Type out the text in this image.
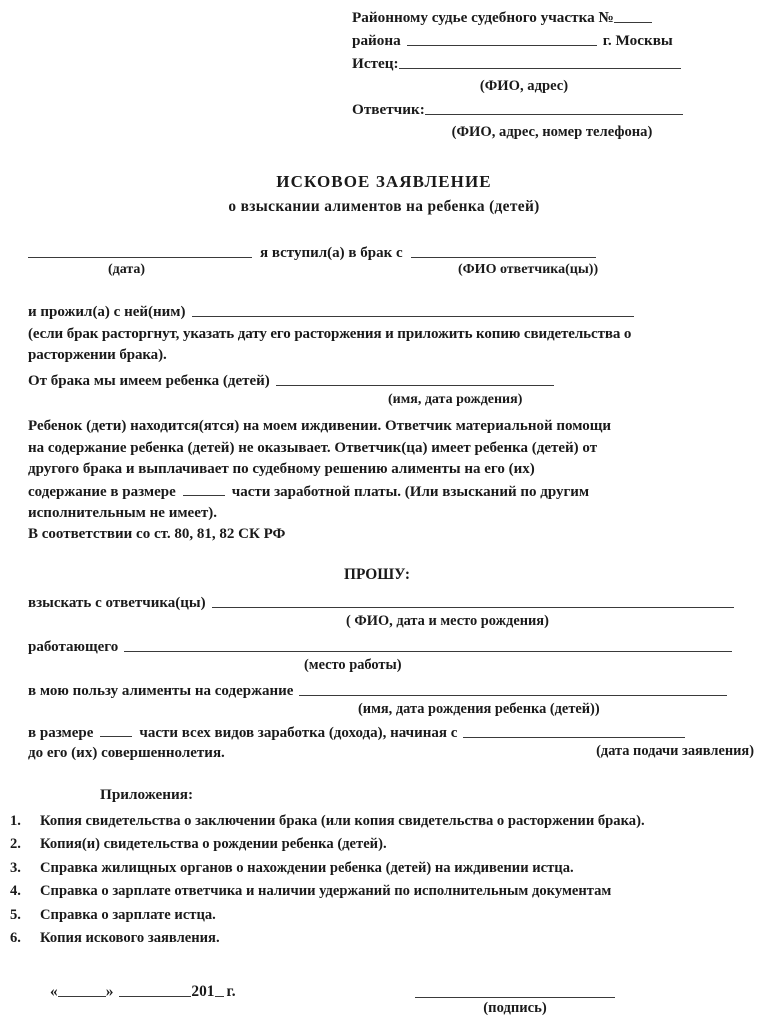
Районному судье судебного участка №
района	г. Москвы
Истец:
(ФИО, адрес)
Ответчик:
(ФИО, адрес, номер телефона)
ИСКОВОЕ ЗАЯВЛЕНИЕ
о взыскании алиментов на ребенка (детей)
я вступил(а) в брак с
(дата)	(ФИО ответчика(цы))
и прожил(а) с ней(ним)
(если брак расторгнут, указать дату его расторжения и приложить копию свидетельства о
расторжении брака).
От брака мы имеем ребенка (детей)
(имя, дата рождения)
Ребенок (дети) находится(ятся) на моем иждивении. Ответчик материальной помощи
на содержание ребенка (детей) не оказывает. Ответчик(ца) имеет ребенка (детей) от
другого брака и выплачивает по судебному решению алименты на его (их)
содержание в размере	части заработной платы. (Или взысканий по другим
исполнительным не имеет).
В соответствии со ст. 80, 81, 82 СК РФ
ПРОШУ:
взыскать с ответчика(цы)
( ФИО, дата и место рождения)
работающего
(место работы)
в мою пользу алименты на содержание
(имя, дата рождения ребенка (детей))
в размере	части всех видов заработка (дохода), начиная с
до его (их) совершеннолетия.	(дата подачи заявления)
Приложения:
1.	Копия свидетельства о заключении брака (или копия свидетельства о расторжении брака).
2.	Копия(и) свидетельства о рождении ребенка (детей).
3.	Справка жилищных органов о нахождении ребенка (детей) на иждивении истца.
4.	Справка о зарплате ответчика и наличии удержаний по исполнительным документам
5.	Справка о зарплате истца.
6.	Копия искового заявления.
«	»	201 г.
(подпись)
